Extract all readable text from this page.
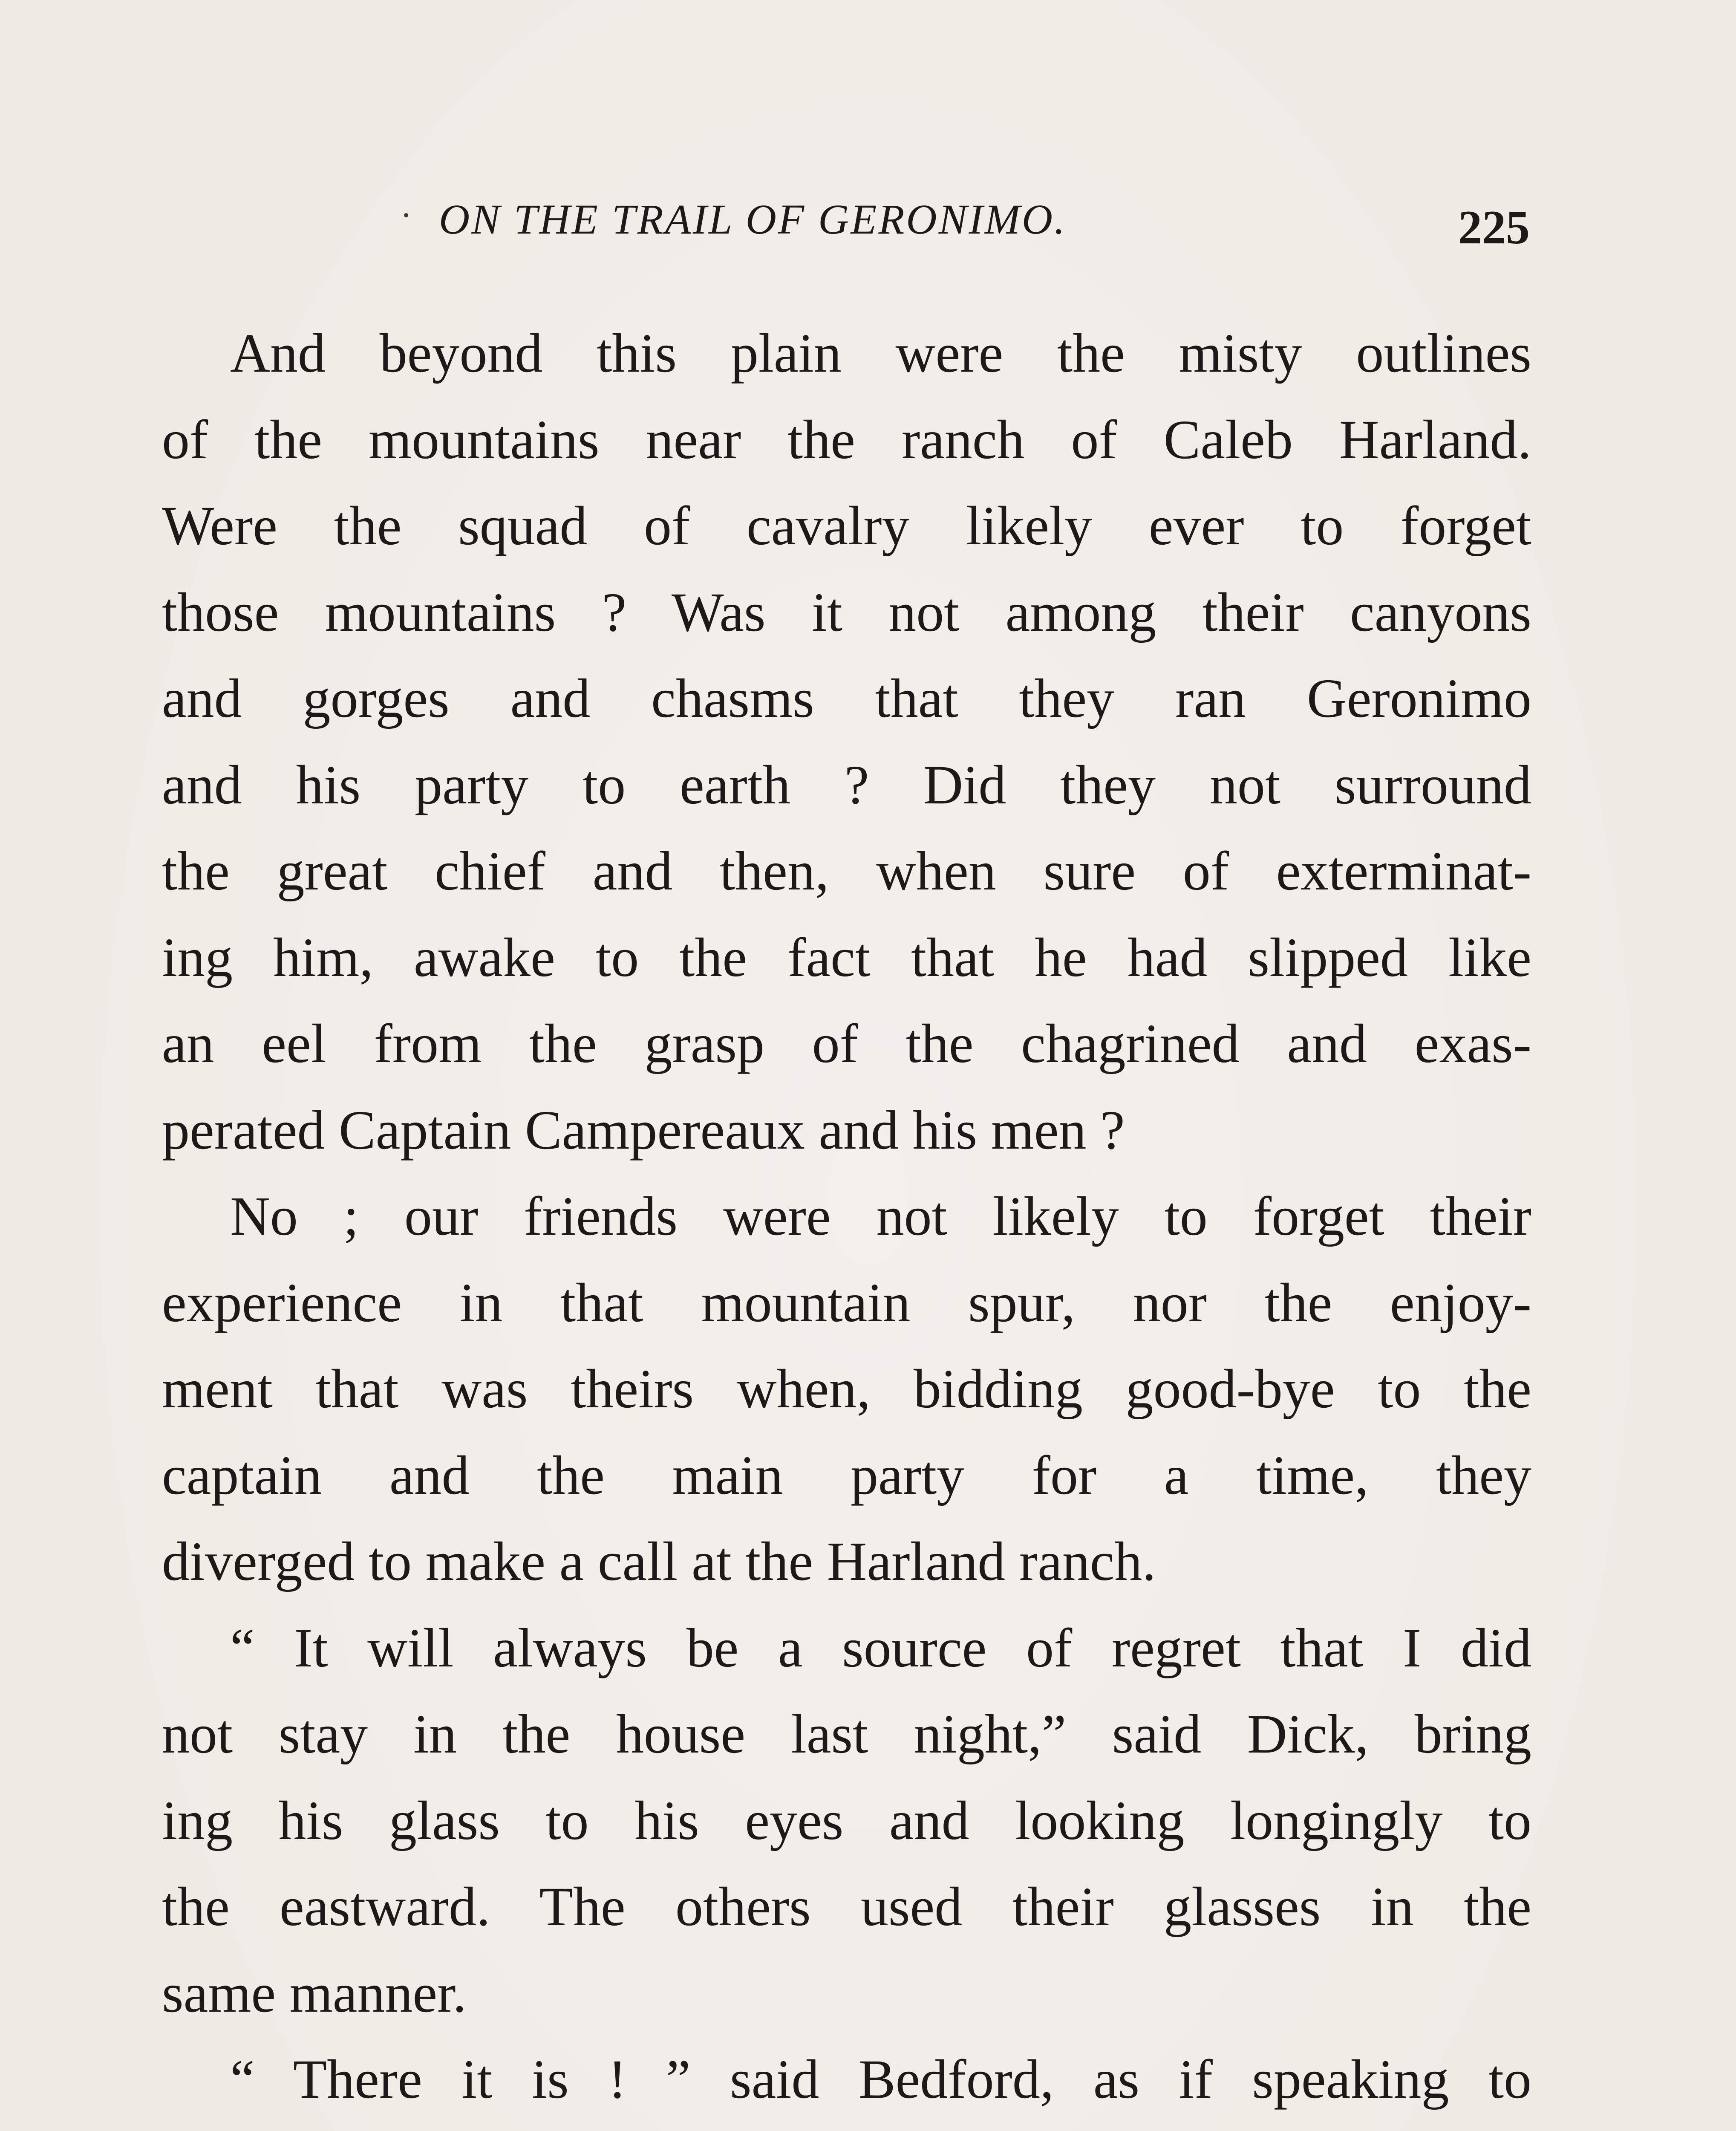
ON THE TRAIL OF GERONIMO.	225
And beyond this plain were the misty outlines
of the mountains near the ranch of Caleb Harland.
Were the squad of cavalry likely ever to forget
those mountains ? Was it not among their canyons
and gorges and chasms that they ran Geronimo
and his party to earth ? Did they not surround
the great chief and then, when sure of exterminat-
ing him, awake to the fact that he had slipped like
an eel from the grasp of the chagrined and exas-
perated Captain Campereaux and his men ?
No ; our friends were not likely to forget their
experience in that mountain spur, nor the enjoy-
ment that was theirs when, bidding good-bye to the
captain and the main party for a time, they
diverged to make a call at the Harland ranch.
“ It will always be a source of regret that I did
not stay in the house last night,” said Dick, bring
ing his glass to his eyes and looking longingly to
the eastward. The others used their glasses in the
same manner.
“ There it is ! ” said Bedford, as if speaking to
